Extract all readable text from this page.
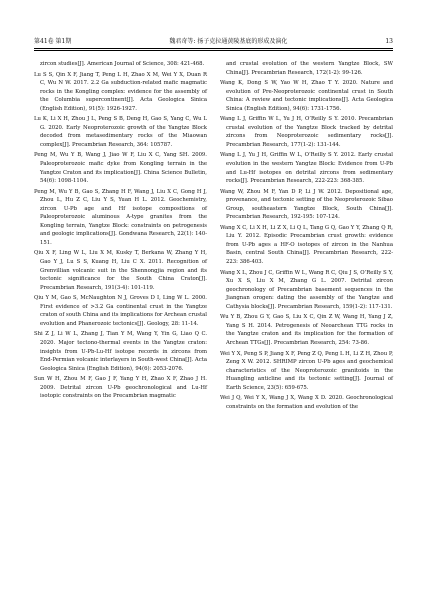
第41卷 第1期	魏君奇等: 扬子克拉通黄陵基底的形成及演化	13

zircon studies[J]. American Journal of Science, 308: 421-468.

Lu S S, Qin X F, Jiang T, Peng L H, Zhao X M, Wei Y X, Duan R C, Wu N W. 2017. 2.2 Ga subduction-related mafic magmatic rocks in the Kongling complex: evidence for the assembly of the Columbia supercontinent[J]. Acta Geologica Sinica (English Edition), 91(5): 1926-1927.

Lu K, Li X H, Zhou J L, Peng S B, Deng H, Gao S, Yang C, Wu L G. 2020. Early Neoproterozoic growth of the Yangtze Block decoded from metasedimentary rocks of the Miaowan complex[J]. Precambrian Research, 364: 105787.

Peng M, Wu Y B, Wang J, Jiao W F, Liu X C, Yang SH. 2009. Paleoproterozoic mafic dyke from Kongling terrain in the Yangtze Craton and its implication[J]. China Science Bulletin, 54(6): 1098-1104.

Peng M, Wu Y B, Gao S, Zhang H F, Wang J, Liu X C, Gong H J, Zhou L, Hu Z C, Liu Y S, Yuan H L. 2012. Geochemistry, zircon U-Pb age and Hf isotope compositions of Paleoproterozoic aluminous A-type granites from the Kongling terrain, Yangtze Block: constraints on petrogenesis and geologic implications[J]. Gondwana Research, 22(1): 140-151.

Qiu X F, Ling W L, Liu X M, Kusky T, Berkana W, Zhang Y H, Gao Y J, Lu S S, Kuang H, Liu C X. 2011. Recognition of Grenvillian volcanic suit in the Shennongjia region and its tectonic significance for the South China Craton[J]. Precambrian Research, 191(3-4): 101-119.

Qiu Y M, Gao S, McNaughton N J, Groves D I, Ling W L. 2000. First evidence of >3.2 Ga continental crust in the Yangtze craton of south China and its implications for Archean crustal evolution and Phanerozoic tectonics[J]. Geology, 28: 11-14.

Shi Z J, Li W L, Zhang J, Tian Y M, Wang Y, Yin G, Liao Q C. 2020. Major tectono-thermal events in the Yangtze craton: insights from U-Pb-Lu-Hf isotope records in zircons from End-Permian volcanic interlayers in South-west China[J]. Acta Geologica Sinica (English Edition), 94(6): 2053-2076.

Sun W H, Zhou M F, Gao J F, Yang Y H, Zhao X F, Zhao J H. 2009. Detrital zircon U-Pb geochronological and Lu-Hf isotopic constraints on the Precambrian magmatic

and crustal evolution of the western Yangtze Block, SW China[J]. Precambrian Research, 172(1-2): 99-126.

Wang K, Dong S W, Yao W H, Zhao T Y. 2020. Nature and evolution of Pre-Neoproterozoic continental crust in South China: A review and tectonic implications[J]. Acta Geologica Sinica (English Edition), 94(6): 1731-1756.

Wang L J, Griffin W L, Yu J H, O’Reilly S Y. 2010. Precambrian crustal evolution of the Yangtze Block tracked by detrital zircons from Neoproterozoic sedimentary rocks[J]. Precambrian Research, 177(1-2): 131-144.

Wang L J, Yu J H, Griffin W L, O’Reilly S Y. 2012. Early crustal evolution in the western Yangtze Block: Evidence from U-Pb and Lu-Hf isotopes on detrital zircons from sedimentary rocks[J]. Precambrian Research, 222-223: 368-385.

Wang W, Zhou M F, Yan D P, Li J W. 2012. Depositional age, provenance, and tectonic setting of the Neoproterozoic Sibao Group, southeastern Yangtze Block, South China[J]. Precambrian Research, 192-195: 107-124.

Wang X C, Li X H, Li Z X, Li Q L, Tang G Q, Gao Y Y, Zhang Q R, Liu Y. 2012. Episodic Precambrian crust growth: evidence from U-Pb ages a HF-O isotopes of zircon in the Nanhua Basin, central South China[J]. Precambrian Research, 222-223: 386-403.

Wang X L, Zhou J C, Griffin W L, Wang R C, Qiu J S, O’Reilly S Y, Xu X S, Liu X M, Zhang G L. 2007. Detrital zircon geochronology of Precambrian basement sequences in the Jiangnan orogen: dating the assembly of the Yangtze and Cathysia blocks[J]. Precambrian Research, 159(1-2): 117-131.

Wu Y B, Zhou G Y, Gao S, Liu X C, Qin Z W, Wang H, Yang J Z, Yang S H. 2014. Petrogenesis of Neoarchean TTG rocks in the Yangtze craton and its implication for the formation of Archean TTGs[J]. Precambrian Research, 254: 73-86.

Wei Y X, Peng S P, Jiang X F, Peng Z Q, Peng L H, Li Z H, Zhou P, Zeng X W. 2012. SHRIMP zircon U-Pb ages and geochemical characteristics of the Neoproterozoic granitoids in the Huangling anticline and its tectonic setting[J]. Journal of Earth Science, 23(5): 659-675.

Wei J Q, Wei Y X, Wang J X, Wang X D. 2020. Geochronological constraints on the formation and evolution of the
